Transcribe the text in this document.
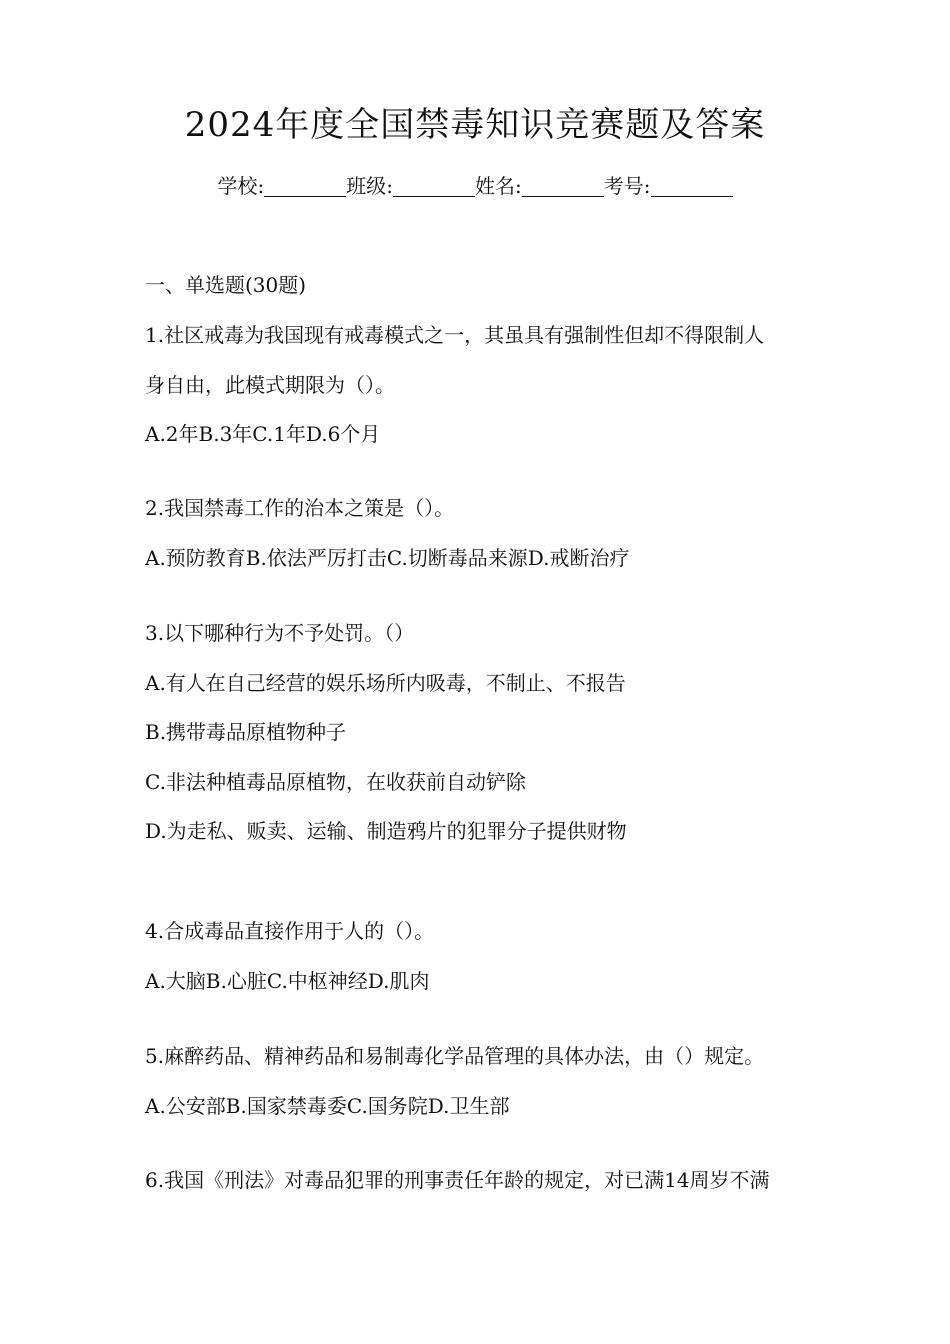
2024年度全国禁毒知识竞赛题及答案
学校:	班级:	姓名:	考号:
一、单选题(30题)
1.社区戒毒为我国现有戒毒模式之一，其虽具有强制性但却不得限制人
身自由，此模式期限为（）。
A.2年B.3年C.1年D.6个月
2.我国禁毒工作的治本之策是（）。
A.预防教育B.依法严厉打击C.切断毒品来源D.戒断治疗
3.以下哪种行为不予处罚。（）
A.有人在自己经营的娱乐场所内吸毒，不制止、不报告
B.携带毒品原植物种子
C.非法种植毒品原植物，在收获前自动铲除
D.为走私、贩卖、运输、制造鸦片的犯罪分子提供财物
4.合成毒品直接作用于人的（）。
A.大脑B.心脏C.中枢神经D.肌肉
5.麻醉药品、精神药品和易制毒化学品管理的具体办法，由（）规定。
A.公安部B.国家禁毒委C.国务院D.卫生部
6.我国《刑法》对毒品犯罪的刑事责任年龄的规定，对已满14周岁不满
